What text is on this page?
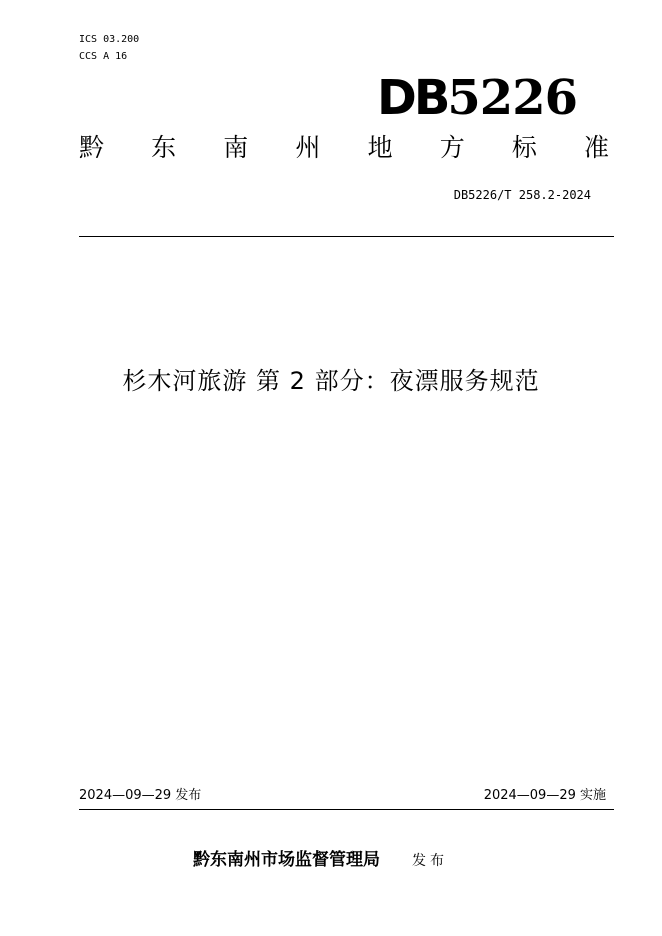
ICS 03.200
CCS A 16
DB5226
黔 东 南 州 地 方 标 准
DB5226/T 258.2-2024
杉木河旅游 第 2 部分：夜漂服务规范
2024—09—29 发布	2024—09—29 实施
黔东南州市场监督管理局 发布
